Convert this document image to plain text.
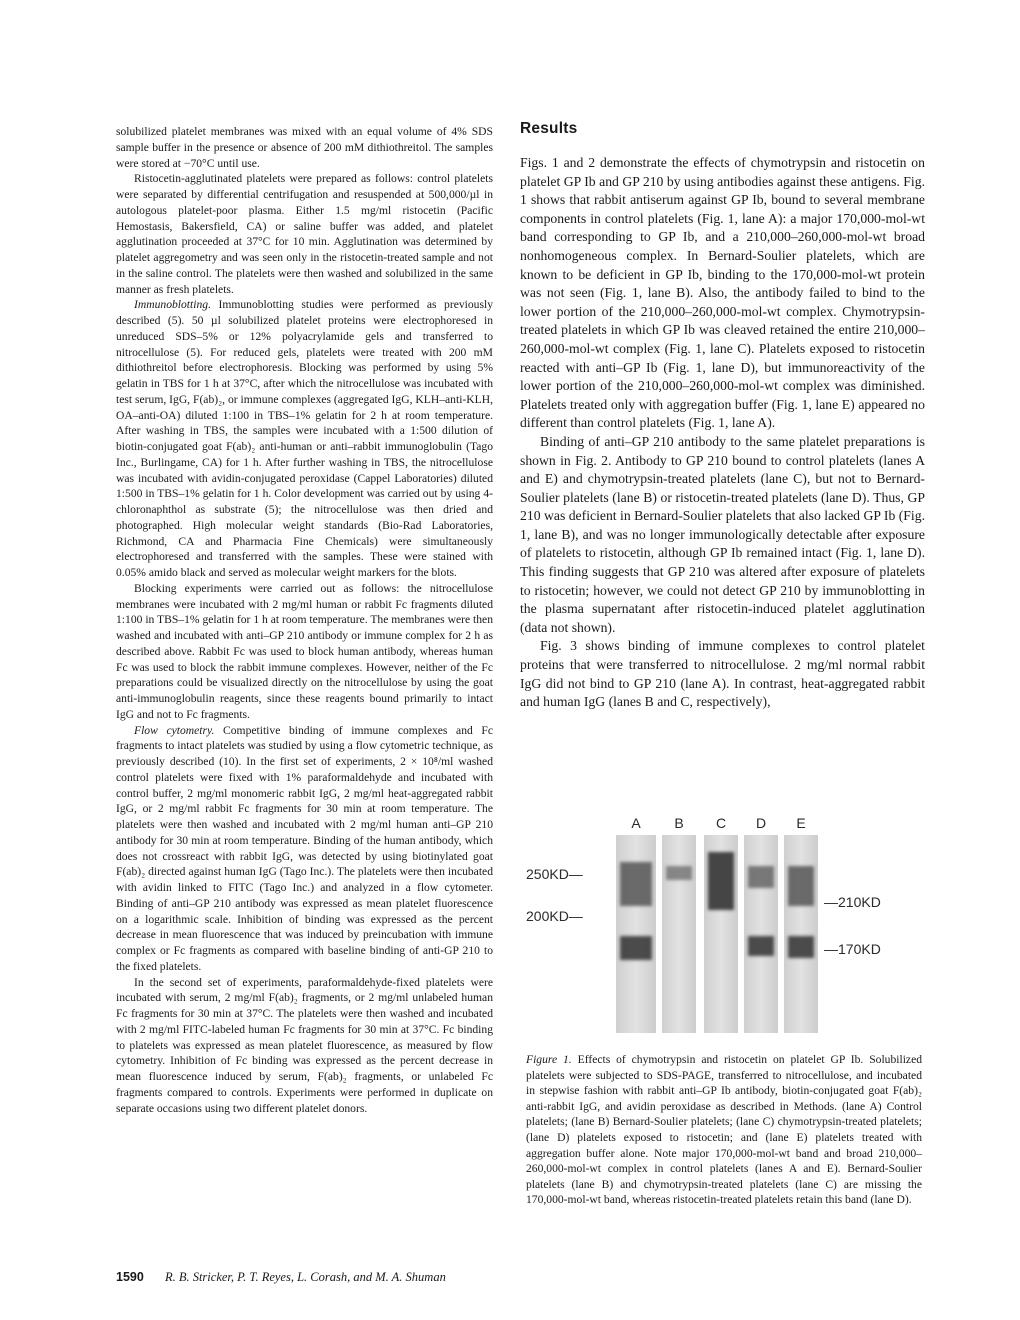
solubilized platelet membranes was mixed with an equal volume of 4% SDS sample buffer in the presence or absence of 200 mM dithiothreitol. The samples were stored at −70°C until use.

Ristocetin-agglutinated platelets were prepared as follows: control platelets were separated by differential centrifugation and resuspended at 500,000/µl in autologous platelet-poor plasma. Either 1.5 mg/ml ristocetin (Pacific Hemostasis, Bakersfield, CA) or saline buffer was added, and platelet agglutination proceeded at 37°C for 10 min. Agglutination was determined by platelet aggregometry and was seen only in the ristocetin-treated sample and not in the saline control. The platelets were then washed and solubilized in the same manner as fresh platelets.

Immunoblotting. Immunoblotting studies were performed as previously described (5). 50 µl solubilized platelet proteins were electrophoresed in unreduced SDS–5% or 12% polyacrylamide gels and transferred to nitrocellulose (5). For reduced gels, platelets were treated with 200 mM dithiothreitol before electrophoresis. Blocking was performed by using 5% gelatin in TBS for 1 h at 37°C, after which the nitrocellulose was incubated with test serum, IgG, F(ab)₂, or immune complexes (aggregated IgG, KLH–anti-KLH, OA–anti-OA) diluted 1:100 in TBS–1% gelatin for 2 h at room temperature. After washing in TBS, the samples were incubated with a 1:500 dilution of biotin-conjugated goat F(ab)₂ anti-human or anti–rabbit immunoglobulin (Tago Inc., Burlingame, CA) for 1 h. After further washing in TBS, the nitrocellulose was incubated with avidin-conjugated peroxidase (Cappel Laboratories) diluted 1:500 in TBS–1% gelatin for 1 h. Color development was carried out by using 4-chloronaphthol as substrate (5); the nitrocellulose was then dried and photographed. High molecular weight standards (Bio-Rad Laboratories, Richmond, CA and Pharmacia Fine Chemicals) were simultaneously electrophoresed and transferred with the samples. These were stained with 0.05% amido black and served as molecular weight markers for the blots.

Blocking experiments were carried out as follows: the nitrocellulose membranes were incubated with 2 mg/ml human or rabbit Fc fragments diluted 1:100 in TBS–1% gelatin for 1 h at room temperature. The membranes were then washed and incubated with anti–GP 210 antibody or immune complex for 2 h as described above. Rabbit Fc was used to block human antibody, whereas human Fc was used to block the rabbit immune complexes. However, neither of the Fc preparations could be visualized directly on the nitrocellulose by using the goat anti-immunoglobulin reagents, since these reagents bound primarily to intact IgG and not to Fc fragments.

Flow cytometry. Competitive binding of immune complexes and Fc fragments to intact platelets was studied by using a flow cytometric technique, as previously described (10). In the first set of experiments, 2 × 10⁸/ml washed control platelets were fixed with 1% paraformaldehyde and incubated with control buffer, 2 mg/ml monomeric rabbit IgG, 2 mg/ml heat-aggregated rabbit IgG, or 2 mg/ml rabbit Fc fragments for 30 min at room temperature. The platelets were then washed and incubated with 2 mg/ml human anti–GP 210 antibody for 30 min at room temperature. Binding of the human antibody, which does not crossreact with rabbit IgG, was detected by using biotinylated goat F(ab)₂ directed against human IgG (Tago Inc.). The platelets were then incubated with avidin linked to FITC (Tago Inc.) and analyzed in a flow cytometer. Binding of anti–GP 210 antibody was expressed as mean platelet fluorescence on a logarithmic scale. Inhibition of binding was expressed as the percent decrease in mean fluorescence that was induced by preincubation with immune complex or Fc fragments as compared with baseline binding of anti-GP 210 to the fixed platelets.

In the second set of experiments, paraformaldehyde-fixed platelets were incubated with serum, 2 mg/ml F(ab)₂ fragments, or 2 mg/ml unlabeled human Fc fragments for 30 min at 37°C. The platelets were then washed and incubated with 2 mg/ml FITC-labeled human Fc fragments for 30 min at 37°C. Fc binding to platelets was expressed as mean platelet fluorescence, as measured by flow cytometry. Inhibition of Fc binding was expressed as the percent decrease in mean fluorescence induced by serum, F(ab)₂ fragments, or unlabeled Fc fragments compared to controls. Experiments were performed in duplicate on separate occasions using two different platelet donors.

Results

Figs. 1 and 2 demonstrate the effects of chymotrypsin and ristocetin on platelet GP Ib and GP 210 by using antibodies against these antigens. Fig. 1 shows that rabbit antiserum against GP Ib, bound to several membrane components in control platelets (Fig. 1, lane A): a major 170,000-mol-wt band corresponding to GP Ib, and a 210,000–260,000-mol-wt broad nonhomogeneous complex. In Bernard-Soulier platelets, which are known to be deficient in GP Ib, binding to the 170,000-mol-wt protein was not seen (Fig. 1, lane B). Also, the antibody failed to bind to the lower portion of the 210,000–260,000-mol-wt complex. Chymotrypsin-treated platelets in which GP Ib was cleaved retained the entire 210,000–260,000-mol-wt complex (Fig. 1, lane C). Platelets exposed to ristocetin reacted with anti–GP Ib (Fig. 1, lane D), but immunoreactivity of the lower portion of the 210,000–260,000-mol-wt complex was diminished. Platelets treated only with aggregation buffer (Fig. 1, lane E) appeared no different than control platelets (Fig. 1, lane A).

Binding of anti–GP 210 antibody to the same platelet preparations is shown in Fig. 2. Antibody to GP 210 bound to control platelets (lanes A and E) and chymotrypsin-treated platelets (lane C), but not to Bernard-Soulier platelets (lane B) or ristocetin-treated platelets (lane D). Thus, GP 210 was deficient in Bernard-Soulier platelets that also lacked GP Ib (Fig. 1, lane B), and was no longer immunologically detectable after exposure of platelets to ristocetin, although GP Ib remained intact (Fig. 1, lane D). This finding suggests that GP 210 was altered after exposure of platelets to ristocetin; however, we could not detect GP 210 by immunoblotting in the plasma supernatant after ristocetin-induced platelet agglutination (data not shown).

Fig. 3 shows binding of immune complexes to control platelet proteins that were transferred to nitrocellulose. 2 mg/ml normal rabbit IgG did not bind to GP 210 (lane A). In contrast, heat-aggregated rabbit and human IgG (lanes B and C, respectively),

A B C D E
250KD—
200KD—
—210KD
—170KD

Figure 1. Effects of chymotrypsin and ristocetin on platelet GP Ib. Solubilized platelets were subjected to SDS-PAGE, transferred to nitrocellulose, and incubated in stepwise fashion with rabbit anti–GP Ib antibody, biotin-conjugated goat F(ab)₂ anti-rabbit IgG, and avidin peroxidase as described in Methods. (lane A) Control platelets; (lane B) Bernard-Soulier platelets; (lane C) chymotrypsin-treated platelets; (lane D) platelets exposed to ristocetin; and (lane E) platelets treated with aggregation buffer alone. Note major 170,000-mol-wt band and broad 210,000–260,000-mol-wt complex in control platelets (lanes A and E). Bernard-Soulier platelets (lane B) and chymotrypsin-treated platelets (lane C) are missing the 170,000-mol-wt band, whereas ristocetin-treated platelets retain this band (lane D).

1590 R. B. Stricker, P. T. Reyes, L. Corash, and M. A. Shuman
